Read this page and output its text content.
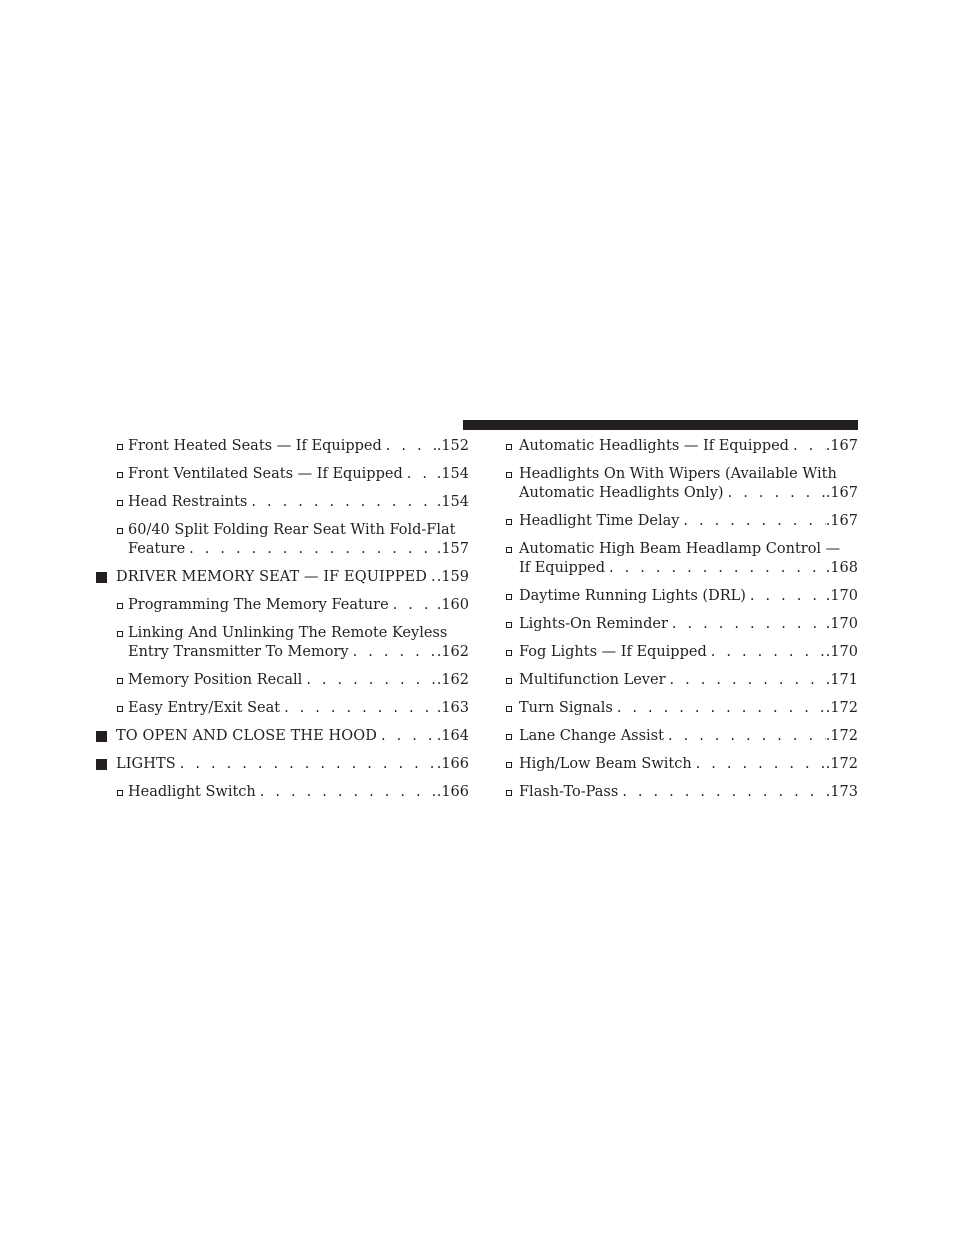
Front Heated Seats — If Equipped . . .	. 152
Front Ventilated Seats — If Equipped . . .	. 154
Head Restraints . . .	. 154
60/40 Split Folding Rear Seat With Fold-Flat
Feature . . .	. 157
DRIVER MEMORY SEAT — IF EQUIPPED . . . . 159
Programming The Memory Feature . . .	. 160
Linking And Unlinking The Remote Keyless
Entry Transmitter To Memory . . .	. 162
Memory Position Recall . . .	. 162
Easy Entry/Exit Seat . . .	. 163
TO OPEN AND CLOSE THE HOOD . . .	. 164
LIGHTS . . .	. 166
Headlight Switch . . .	. 166
Automatic Headlights — If Equipped . . .	. 167
Headlights On With Wipers (Available With
Automatic Headlights Only) . . .	. 167
Headlight Time Delay . . .	. 167
Automatic High Beam Headlamp Control —
If Equipped . . .	. 168
Daytime Running Lights (DRL) . . .	. 170
Lights-On Reminder . . .	. 170
Fog Lights — If Equipped . . .	. 170
Multifunction Lever . . .	. 171
Turn Signals . . .	. 172
Lane Change Assist . . .	. 172
High/Low Beam Switch . . .	. 172
Flash-To-Pass . . .	. 173
